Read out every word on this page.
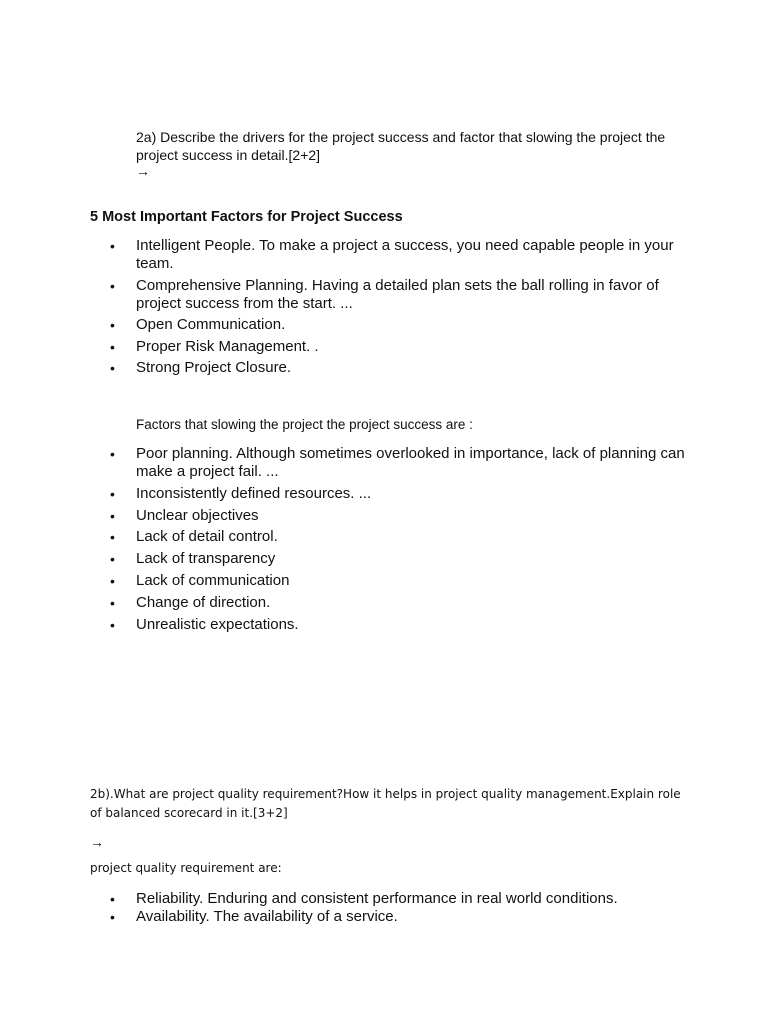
2a) Describe the drivers for the project success and factor that slowing the project the project success in detail.[2+2]
→
5 Most Important Factors for Project Success
• Intelligent People. To make a project a success, you need capable people in your team.
• Comprehensive Planning. Having a detailed plan sets the ball rolling in favor of project success from the start. ...
• Open Communication.
• Proper Risk Management. .
• Strong Project Closure.
Factors that slowing the project the project success are :
• Poor planning. Although sometimes overlooked in importance, lack of planning can make a project fail. ...
• Inconsistently defined resources. ...
• Unclear objectives
• Lack of detail control.
• Lack of transparency
• Lack of communication
• Change of direction.
• Unrealistic expectations.
2b).What are project quality requirement?How it helps in project quality management.Explain role of balanced scorecard in it.[3+2]
→
project quality requirement are:
• Reliability. Enduring and consistent performance in real world conditions.
• Availability. The availability of a service.
